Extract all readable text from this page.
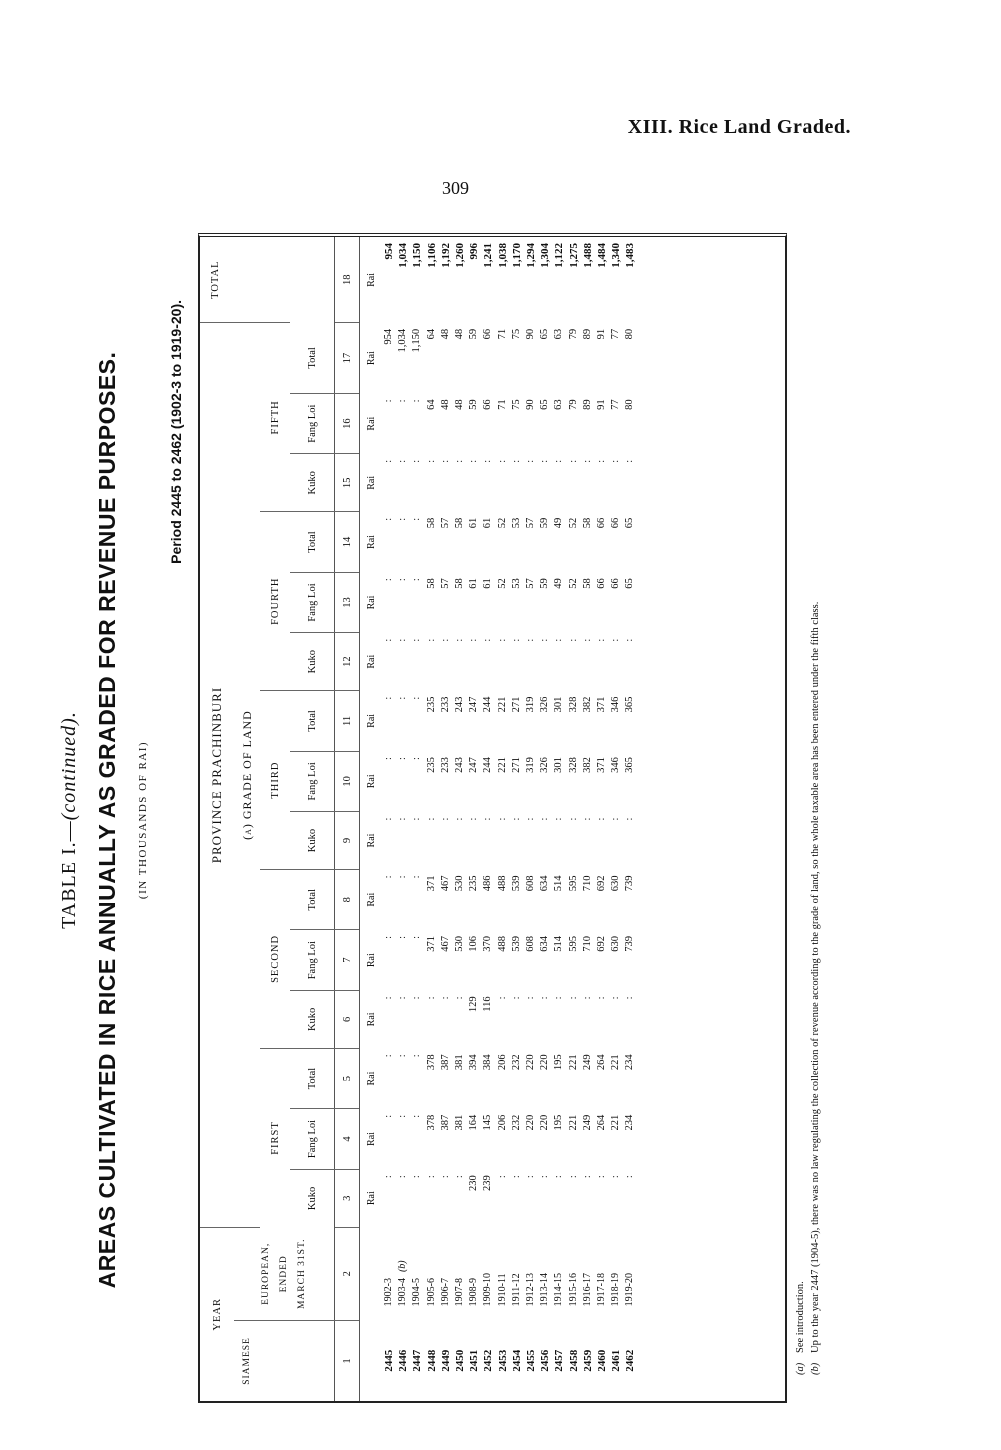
XIII. Rice Land Graded.
309
TABLE I.—(continued). AREAS CULTIVATED IN RICE ANNUALLY AS GRADED FOR REVENUE PURPOSES. (IN THOUSANDS OF RAI)
Period 2445 to 2462 (1902-3 to 1919-20).
YEAR		PROVINCE PRACHINBURI															TOTAL
SIAMESE	EUROPEAN, ENDED MARCH 31ST.	(a) GRADE OF LAND															
		FIRST			SECOND			THIRD			FOURTH			FIFTH			
		Kuko	Fang Loi	Total	Kuko	Fang Loi	Total	Kuko	Fang Loi	Total	Kuko	Fang Loi	Total	Kuko	Fang Loi	Total	
1	2	3	4	5	6	7	8	9	10	11	12	13	14	15	16	17	18
		Rai	Rai	Rai	Rai	Rai	Rai	Rai	Rai	Rai	Rai	Rai	Rai	Rai	Rai	Rai	Rai
2445	1902-3	:	:	:	:	:	:	:	:	:	:	:	:	:	:	954	954
2446	1903-4(b)	:	:	:	:	:	:	:	:	:	:	:	:	:	:	1,034	1,034
2447	1904-5	:	:	:	:	:	:	:	:	:	:	:	:	:	:	1,150	1,150
2448	1905-6	:	378	378	:	371	371	:	235	235	:	58	58	:	64	64	1,106
2449	1906-7	:	387	387	:	467	467	:	233	233	:	57	57	:	48	48	1,192
2450	1907-8	:	381	381	:	530	530	:	243	243	:	58	58	:	48	48	1,260
2451	1908-9	230	164	394	129	106	235	:	247	247	:	61	61	:	59	59	996
2452	1909-10	239	145	384	116	370	486	:	244	244	:	61	61	:	66	66	1,241
2453	1910-11	:	206	206	:	488	488	:	221	221	:	52	52	:	71	71	1,038
2454	1911-12	:	232	232	:	539	539	:	271	271	:	53	53	:	75	75	1,170
2455	1912-13	:	220	220	:	608	608	:	319	319	:	57	57	:	90	90	1,294
2456	1913-14	:	220	220	:	634	634	:	326	326	:	59	59	:	65	65	1,304
2457	1914-15	:	195	195	:	514	514	:	301	301	:	49	49	:	63	63	1,122
2458	1915-16	:	221	221	:	595	595	:	328	328	:	52	52	:	79	79	1,275
2459	1916-17	:	249	249	:	710	710	:	382	382	:	58	58	:	89	89	1,488
2460	1917-18	:	264	264	:	692	692	:	371	371	:	66	66	:	91	91	1,484
2461	1918-19	:	221	221	:	630	630	:	346	346	:	66	66	:	77	77	1,340
2462	1919-20	:	234	234	:	739	739	:	365	365	:	65	65	:	80	80	1,483
(a)See introduction.
(b)Up to the year 2447 (1904-5), there was no law regulating the collection of revenue according to the grade of land, so the whole taxable area has been entered under the fifth class.
